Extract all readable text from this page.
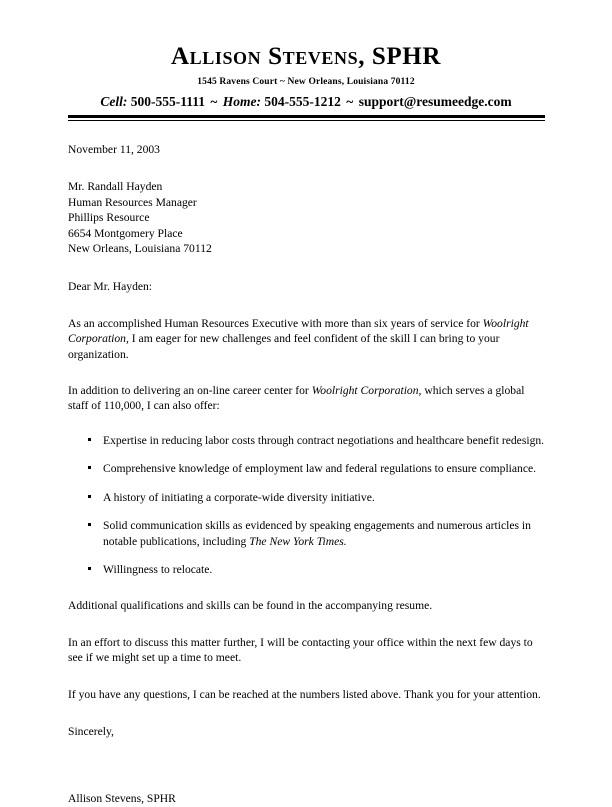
Allison Stevens, SPHR
1545 Ravens Court ~ New Orleans, Louisiana 70112
Cell: 500-555-1111 ~ Home: 504-555-1212 ~ support@resumeedge.com
November 11, 2003
Mr. Randall Hayden
Human Resources Manager
Phillips Resource
6654 Montgomery Place
New Orleans, Louisiana 70112
Dear Mr. Hayden:

As an accomplished Human Resources Executive with more than six years of service for Woolright Corporation, I am eager for new challenges and feel confident of the skill I can bring to your organization.

In addition to delivering an on-line career center for Woolright Corporation, which serves a global staff of 110,000, I can also offer:

Expertise in reducing labor costs through contract negotiations and healthcare benefit redesign.
Comprehensive knowledge of employment law and federal regulations to ensure compliance.
A history of initiating a corporate-wide diversity initiative.
Solid communication skills as evidenced by speaking engagements and numerous articles in notable publications, including The New York Times.
Willingness to relocate.

Additional qualifications and skills can be found in the accompanying resume.

In an effort to discuss this matter further, I will be contacting your office within the next few days to see if we might set up a time to meet.

If you have any questions, I can be reached at the numbers listed above. Thank you for your attention.

Sincerely,
Allison Stevens, SPHR
